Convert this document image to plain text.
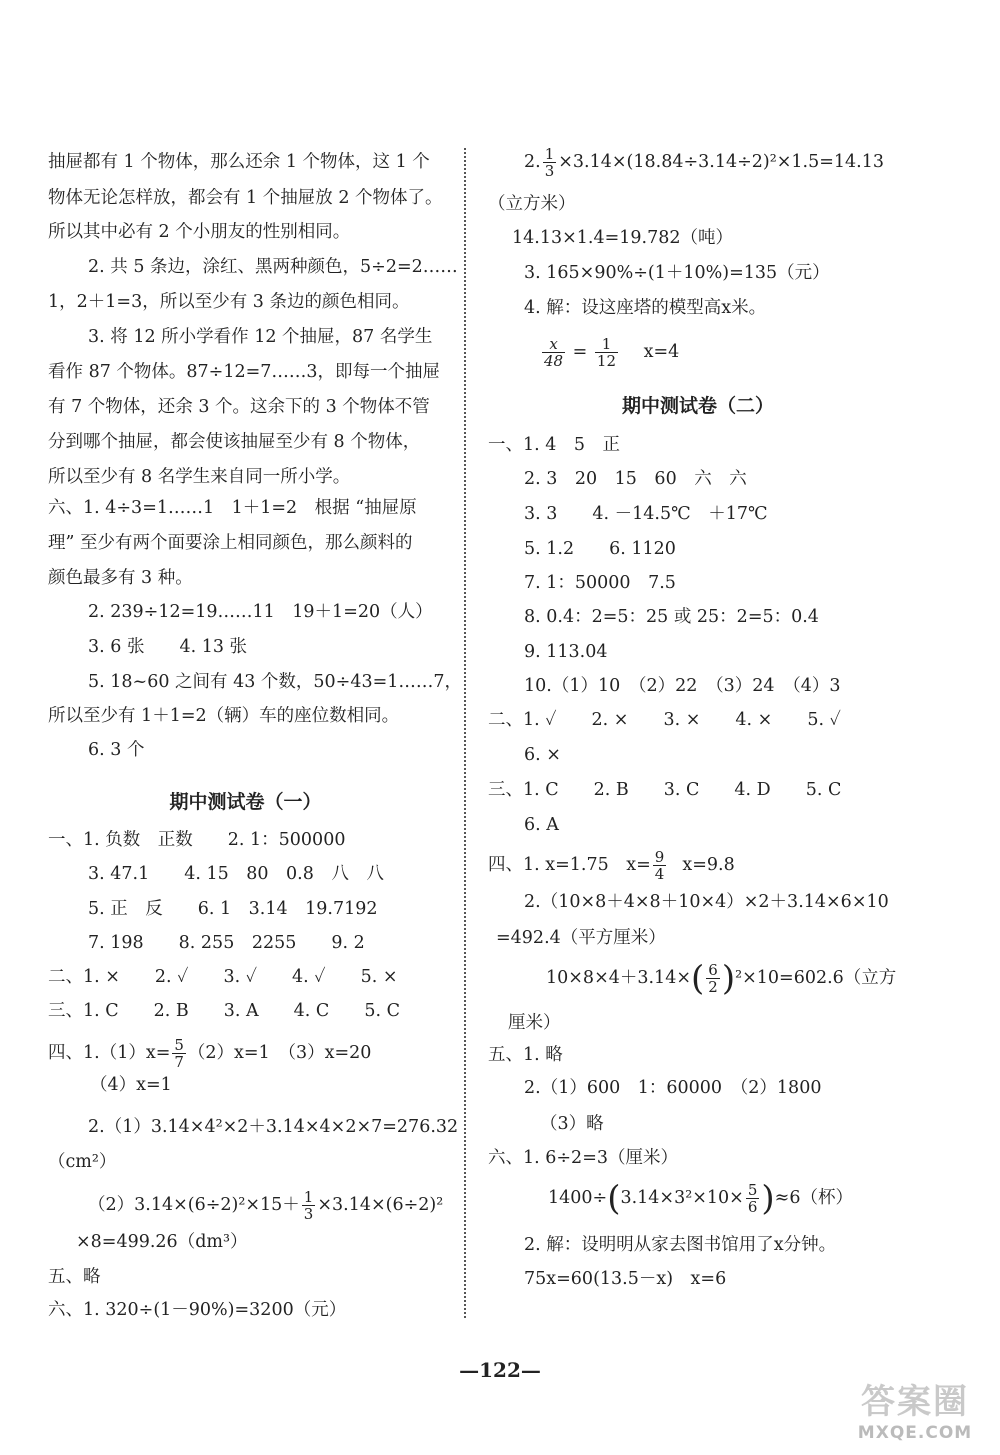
抽屉都有 1 个物体，那么还余 1 个物体，这 1 个
物体无论怎样放，都会有 1 个抽屉放 2 个物体了。
所以其中必有 2 个小朋友的性别相同。
2. 共 5 条边，涂红、黑两种颜色，5÷2=2……
1，2＋1=3，所以至少有 3 条边的颜色相同。
3. 将 12 所小学看作 12 个抽屉，87 名学生
看作 87 个物体。87÷12=7……3，即每一个抽屉
有 7 个物体，还余 3 个。这余下的 3 个物体不管
分到哪个抽屉，都会使该抽屉至少有 8 个物体，
所以至少有 8 名学生来自同一所小学。
六、1. 4÷3=1……1　1＋1=2　根据 “抽屉原
理” 至少有两个面要涂上相同颜色，那么颜料的
颜色最多有 3 种。
2. 239÷12=19……11　19＋1=20（人）
3. 6 张　　4. 13 张
5. 18~60 之间有 43 个数，50÷43=1……7，
所以至少有 1＋1=2（辆）车的座位数相同。
6. 3 个
期中测试卷（一）
一、1. 负数　正数　　2. 1：500000
3. 47.1　　4. 15　80　0.8　八　八
5. 正　反　　6. 1　3.14　19.7192
7. 198　　8. 255　2255　　9. 2
二、1. ×　　2. ✓　　3. ✓　　4. ✓　　5. ×
三、1. C　　2. B　　3. A　　4. C　　5. C
四、$1.(1)x= \frac{5}{7} (2)x=1$　（3）x=20
（4）x=1
2.（1）3.14×4²×2＋3.14×4×2×7=276.32
（cm²）
$(2)3.14\times(6\div 2)^2\times 15+ \frac{1}{3} \times 3.14\times(6\div 2)^2$
×8=499.26（dm³）
五、略
六、1. 320÷(1－90%)=3200（元）
2. $\frac{1}{3} \times 3.14\times(18.84\div 3.14\div 2)^2\times 1.5=14.13$
（立方米）
14.13×1.4=19.782（吨）
3. 165×90%÷(1＋10%)=135（元）
4. 解：设这座塔的模型高x米。
$\frac{x}{48} = \frac{1}{12} x=4$
期中测试卷（二）
一、1. 4　5　正
2. 3　20　15　60　六　六
3. 3　　4. －14.5℃　＋17℃
5. 1.2　　6. 1120
7. 1：50000　7.5
8. 0.4：2=5：25 或 25：2=5：0.4
9. 113.04
10.（1）10　（2）22　（3）24　（4）3
二、1. ✓　　2. ×　　3. ×　　4. ×　　5. ✓
6. ×
三、1. C　　2. B　　3. C　　4. D　　5. C
6. A
四、1. x=1.75　$x= \frac{9}{4} x=9.8$
2.（10×8＋4×8＋10×4）×2＋3.14×6×10
=492.4（平方厘米）
$10\times 8\times 4+3.14\times( \frac{6}{2} )^2\times 10=602.6$（立方
厘米）
五、1. 略
2.（1）600　1：60000　（2）1800
（3）略
六、1. 6÷2=3（厘米）
$1400\div(3.14\times 3^2\times 10\times \frac{5}{6} )\approx 6$（杯）
2. 解：设明明从家去图书馆用了x分钟。
75x=60(13.5－x)　x=6
—122—
答案圈
MXQE.COM
